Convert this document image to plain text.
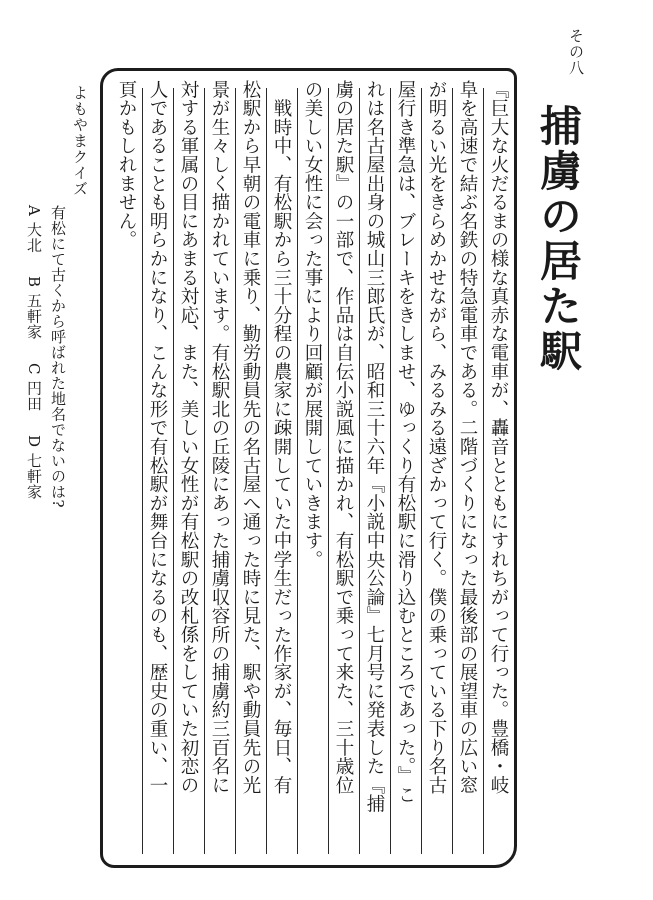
その八
捕虜の居た駅
『巨大な火だるまの様な真赤な電車が、轟音とともにすれちがって行った。豊橋・岐
阜を高速で結ぶ名鉄の特急電車である。二階づくりになった最後部の展望車の広い窓
が明るい光をきらめかせながら、みるみる遠ざかって行く。僕の乗っている下り名古
屋行き準急は、ブレーキをきしませ、ゆっくり有松駅に滑り込むところであった。』こ
れは名古屋出身の城山三郎氏が、昭和三十六年『小説中央公論』七月号に発表した『捕
虜の居た駅』の一部で、作品は自伝小説風に描かれ、有松駅で乗って来た、三十歳位
の美しい女性に会った事により回顧が展開していきます。
　戦時中、有松駅から三十分程の農家に疎開していた中学生だった作家が、毎日、有
松駅から早朝の電車に乗り、勤労動員先の名古屋へ通った時に見た、駅や動員先の光
景が生々しく描かれています。有松駅北の丘陵にあった捕虜収容所の捕虜約三百名に
対する軍属の目にあまる対応、また、美しい女性が有松駅の改札係をしていた初恋の
人であることも明らかになり、こんな形で有松駅が舞台になるのも、歴史の重い、一
頁かもしれません。
よもやまクイズ
有松にて古くから呼ばれた地名でないのは?
A 大北　B 五軒家　C 円田　D 七軒家
